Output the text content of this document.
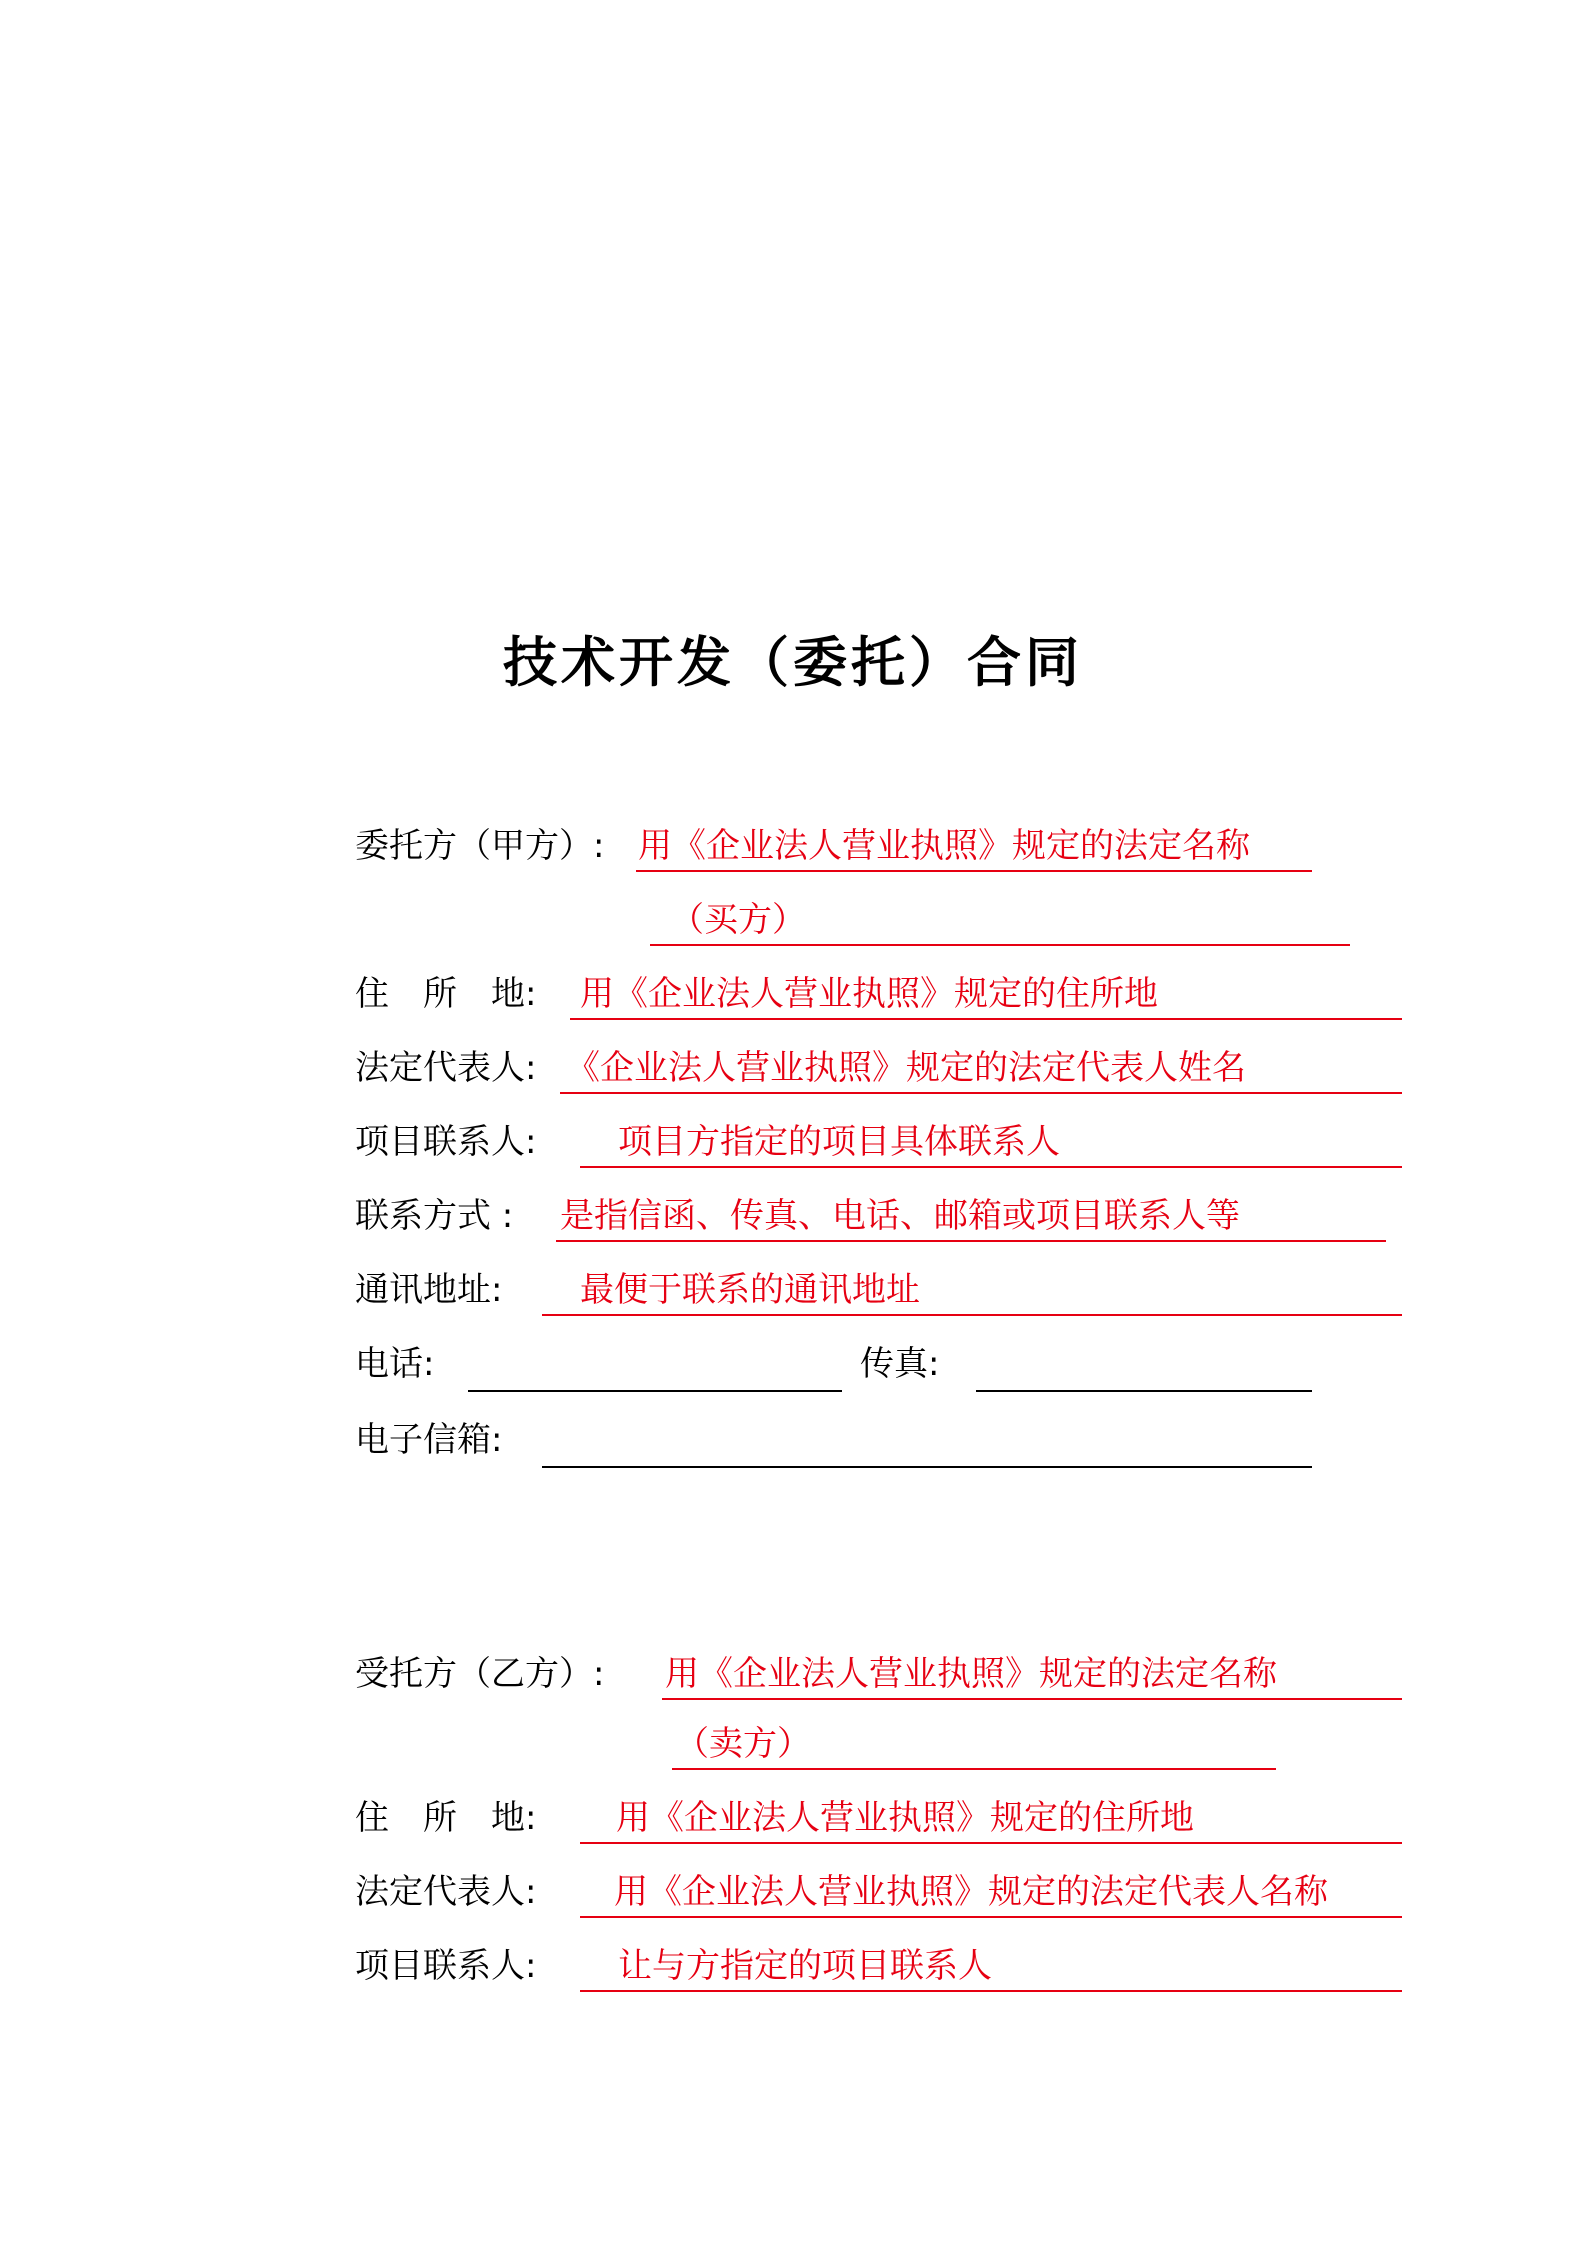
技术开发（委托）合同
委托方（甲方）: 用《企业法人营业执照》规定的法定名称
（买方）
住　所　地: 用《企业法人营业执照》规定的住所地
法定代表人: 《企业法人营业执照》规定的法定代表人姓名
项目联系人: 项目方指定的项目具体联系人
联系方式 : 是指信函、传真、电话、邮箱或项目联系人等
通讯地址: 最便于联系的通讯地址
电话:	传真:
电子信箱:
受托方（乙方）: 用《企业法人营业执照》规定的法定名称
（卖方）
住　所　地: 用《企业法人营业执照》规定的住所地
法定代表人: 用《企业法人营业执照》规定的法定代表人名称
项目联系人: 让与方指定的项目联系人
